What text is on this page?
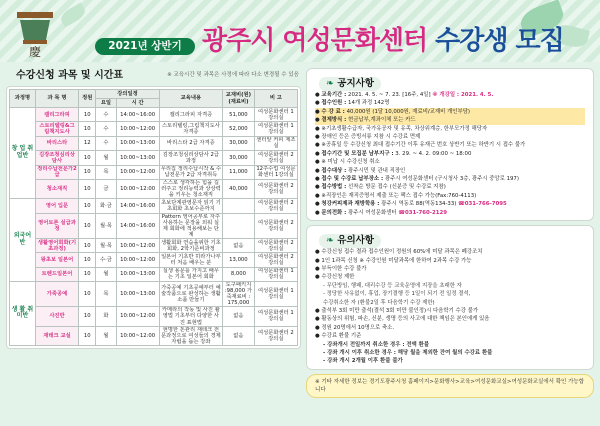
慶	2021년 상반기 광주시 여성문화센터 수강생 모집
수강신청 과목 및 시간표	※ 교육시간 및 과목은 사정에 따라 다소 변경될 수 있음
과정명	과 목 명	정원	강의일정		교육내용	교재비(원)(재료비)	비 고
			요일	시 간			
창 업 취업반	캘리그라피	10	수	14:00~16:00	캘리그라피 자격증	51,000	여성문화센터 1강의실
	스토리텔링&그림책지도사	10	수	10:00~12:00	스토리텔링,그림책지도사 자격증	52,000	여성문화센터 1강의실
	바리스타	12	수	10:00~13:00	바리스타 2급 자격증	30,000	센터앞 커피 제조실
	김장조청심리상담사	10	월	10:00~13:00	김장조청심리상담사 2급과정	30,000	여성문화센터 2강의실
	정리수납전문가2급	10	목	10:00~12:00	우리집 정리수납시작 & 수납전문가 2급 자격취득	11,000	12주수업 여성문화센터 1강의실
	청소재직	10	금	10:00~12:00	스스로 생각하는 힘을 길러주고 정리능력과 상상력을 키우는 청소재직	40,000	여성문화센터 2강의실
외국어반	영어 입문	10	화·금	14:00~16:00	초보단계관영문자 읽기 기초회화 초보수준까지		여성문화센터 2강의실
	영어토론 실급과정	10	월·목	14:00~16:00	Pattern 영어공부로 자주 사용하는 문장을 외워 실제 회화에 적용해보는 단계		여성문화센터 2강의실
	생활영어회화(기초과정)	10	월·목	10:00~12:00	생활회화 연습을위한 기초회화, 2학기준비과정	없음	여성문화센터 2강의실
	왕초보 일본어	10	수·금	10:00~12:00	일본어 기초반 히라가나부터 처음 배우는 분	13,000	여성문화센터 2강의실
	트렌드일본어	10	월	10:00~13:00	실생 용문를 가지고 배우는 기초 일본어 회화	8,000	여성문화센터 1강의실
생 활 취미반	가죽공예	10	목	10:00~13:00	가죽공예 기초공예부터 예술작품으로 완성하는 생활 소품 만들기	도구패키지 :98,000 가죽재료비 : 175,000	여성문화센터 1강의실
	사진반	10	화	10:00~12:00	카메라의 작동 및 사진 촬영법 기초부터 다양한 사진 표현법	없음	여성문화센터 1강의실
	재테크 교실	10	월	10:00~12:00	현명한 돈관리 재테크 전문과정으로 여성들의 경제 자립을 돕는 강좌	없음	여성문화센터 2강의실
❧ 공지사항
● 교육기간 : 2021. 4. 5. ~ 7. 23. [16주, 4일] ※ 개강일 : 2021. 4. 5.
● 접수인원 : 14개 과정 142명
● 수 강 료 : 40,000원 (1달 10,000원, 재료비/교재비 개인부담)
● 결제방식 : 현금납부,계좌이체 또는 카드
● ※기초생활수급자, 국가유공자 및 유족, 차상위계층, 한부모가정 해당자
● 장애인 등은 증빙서류 지참 시 수강료 면제
● ※공휴일 등 수강신청 최대 접수기간 이후 유재근 번호 상반기 또는 하반기 시 접수 불가
● 접수기간 및 모집분 남부지구 : 3. 29. ~ 4. 2. 09:00 ~ 18:00
● ※ 미납 시 수강신청 취소
● 접수대상 : 광주시민 및 관내 직장인
● 접수 및 수강료 납부장소 : 광주시 여성문화센터 (구시청사 3층, 광주시 중앙로 197)
● 접수방법 : 선착순 방문 접수 (신분증 및 수강료 지참)
● ※직장인은 재직증명서 제출 또는 팩스 접수 가능(Fax:760-4113)
● 청강커피제과 재방학용 : 광주시 역동로 88(역동134-33) ☎031-766-7095
● 문의전화 : 광주시 여성문화센터 ☎031-760-2129
❧ 유의사항
● 수강신청 접수 결과 접수인원이 정원의 60%에 미달 과목은 폐강조치
● 1인 1과목 신청 ※ 수강인원 미달과목에 한하여 2과목 수강 가능
● 부득이한 수강 불가
● 수강신청 제한
- 무단방임, 행패, 대리수강 등 교육운영에 지장을 초래한 자
- 정당한 사유없이, 휴업, 장기결행 등 1일이 되기 전 일정 결석,
수강취소한 자 (환불2일 후 다음학기 수강 제한)
● 출석부 3회 미만 출석(결석 3회 미만 불인정)시 다음학기 수강 불가
● 활동상의 위험, 파손, 신분, 생명 등의 사고에 대한 책임은 본인에게 있음
● 정원 20명에서 10명으로 축소.
● 수강료 환불 기준
- 강좌개시 전일까지 취소한 경우 : 전액 환불
- 강좌 개시 이후 취소한 경우 : 해당 월을 제외한 잔여 월의 수강료 환불
- 강좌 개시 2개월 이후 환불 불가
※ 기타 자세한 정보는 경기도광주시청 홈페이지>문화행사>교육>여성문화교실>여성문화교실에서 확인 가능합니다
